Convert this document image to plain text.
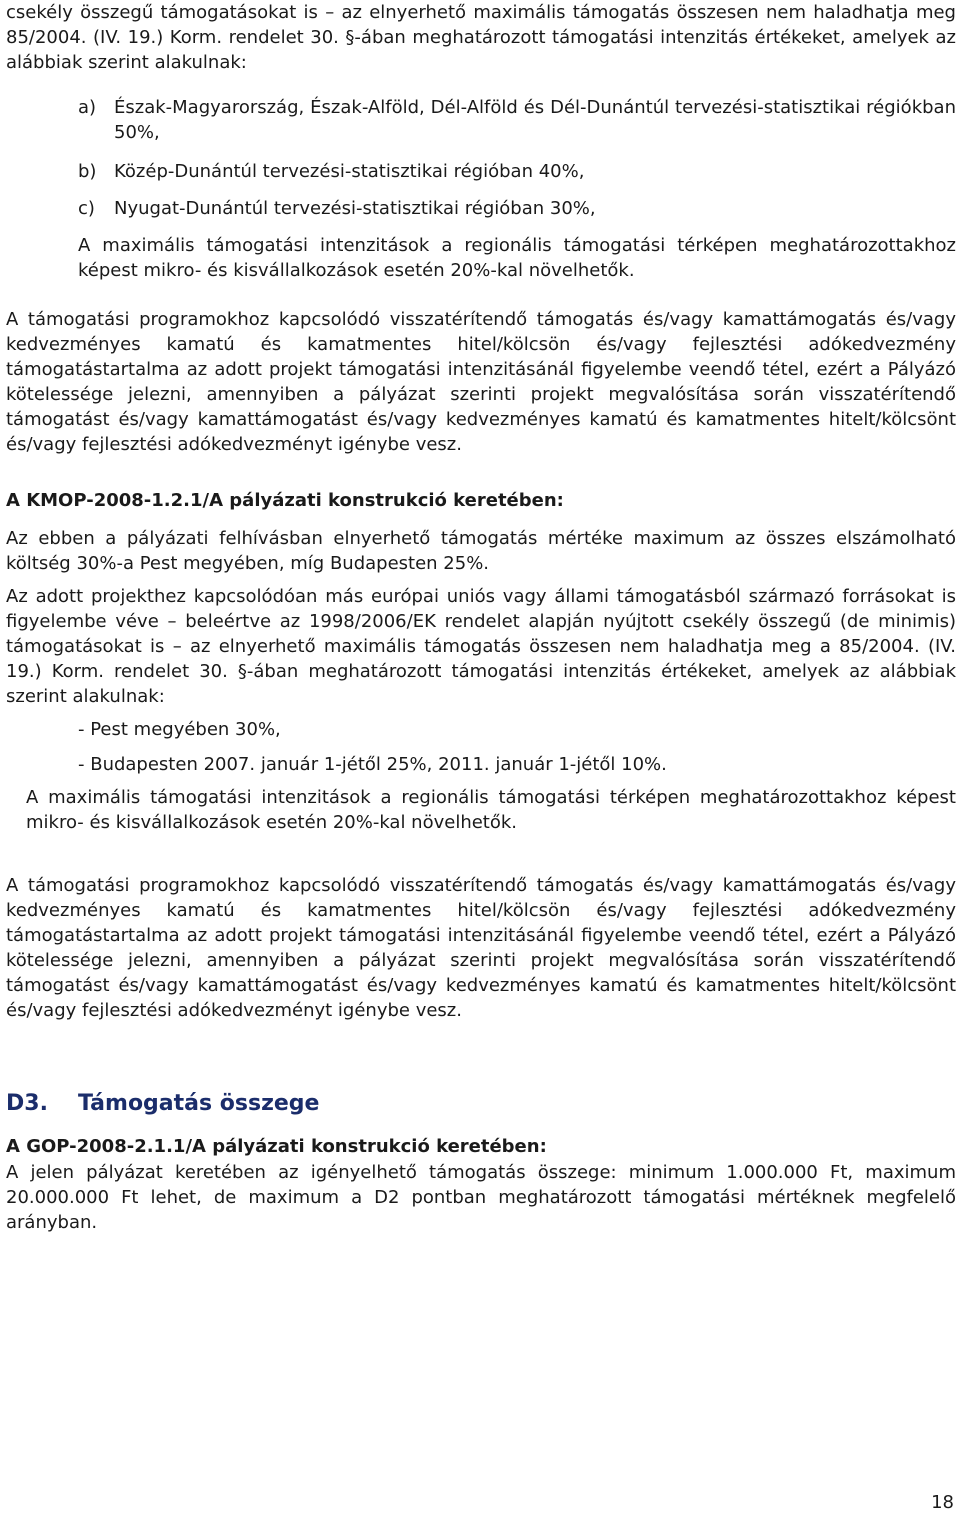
csekély összegű támogatásokat is – az elnyerhető maximális támogatás összesen nem haladhatja meg 85/2004. (IV. 19.) Korm. rendelet 30. §-ában meghatározott támogatási intenzitás értékeket, amelyek az alábbiak szerint alakulnak:

a) Észak-Magyarország, Észak-Alföld, Dél-Alföld és Dél-Dunántúl tervezési-statisztikai régiókban 50%,
b) Közép-Dunántúl tervezési-statisztikai régióban 40%,
c) Nyugat-Dunántúl tervezési-statisztikai régióban 30%,

A maximális támogatási intenzitások a regionális támogatási térképen meghatározottakhoz képest mikro- és kisvállalkozások esetén 20%-kal növelhetők.

A támogatási programokhoz kapcsolódó visszatérítendő támogatás és/vagy kamattámogatás és/vagy kedvezményes kamatú és kamatmentes hitel/kölcsön és/vagy fejlesztési adókedvezmény támogatástartalma az adott projekt támogatási intenzitásánál figyelembe veendő tétel, ezért a Pályázó kötelessége jelezni, amennyiben a pályázat szerinti projekt megvalósítása során visszatérítendő támogatást és/vagy kamattámogatást és/vagy kedvezményes kamatú és kamatmentes hitelt/kölcsönt és/vagy fejlesztési adókedvezményt igénybe vesz.

A KMOP-2008-1.2.1/A pályázati konstrukció keretében:

Az ebben a pályázati felhívásban elnyerhető támogatás mértéke maximum az összes elszámolható költség 30%-a Pest megyében, míg Budapesten 25%.

Az adott projekthez kapcsolódóan más európai uniós vagy állami támogatásból származó forrásokat is figyelembe véve – beleértve az 1998/2006/EK rendelet alapján nyújtott csekély összegű (de minimis) támogatásokat is – az elnyerhető maximális támogatás összesen nem haladhatja meg a 85/2004. (IV. 19.) Korm. rendelet 30. §-ában meghatározott támogatási intenzitás értékeket, amelyek az alábbiak szerint alakulnak:

- Pest megyében 30%,
- Budapesten 2007. január 1-jétől 25%, 2011. január 1-jétől 10%.

A maximális támogatási intenzitások a regionális támogatási térképen meghatározottakhoz képest mikro- és kisvállalkozások esetén 20%-kal növelhetők.

A támogatási programokhoz kapcsolódó visszatérítendő támogatás és/vagy kamattámogatás és/vagy kedvezményes kamatú és kamatmentes hitel/kölcsön és/vagy fejlesztési adókedvezmény támogatástartalma az adott projekt támogatási intenzitásánál figyelembe veendő tétel, ezért a Pályázó kötelessége jelezni, amennyiben a pályázat szerinti projekt megvalósítása során visszatérítendő támogatást és/vagy kamattámogatást és/vagy kedvezményes kamatú és kamatmentes hitelt/kölcsönt és/vagy fejlesztési adókedvezményt igénybe vesz.

D3.	Támogatás összege

A GOP-2008-2.1.1/A pályázati konstrukció keretében:

A jelen pályázat keretében az igényelhető támogatás összege: minimum 1.000.000 Ft, maximum 20.000.000 Ft lehet, de maximum a D2 pontban meghatározott támogatási mértéknek megfelelő arányban.

18
